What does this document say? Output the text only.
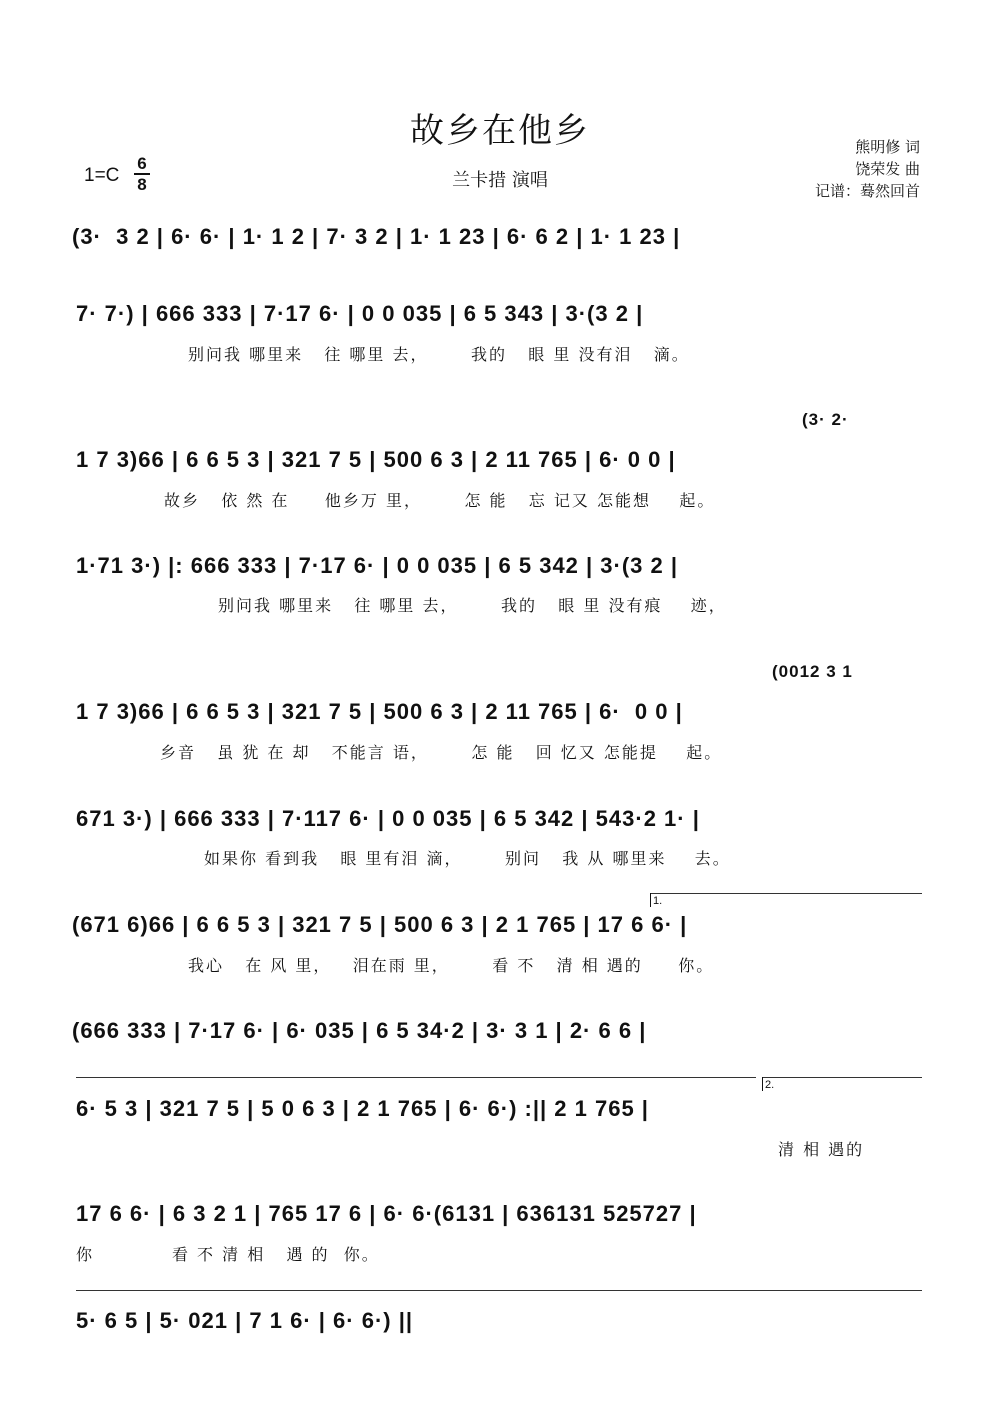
故乡在他乡
兰卡措 演唱
熊明修 词
饶荣发 曲
记谱：蓦然回首
1=C
6
8
(3·  3 2 | 6· 6· | 1· 1 2 | 7· 3 2 | 1· 1 23 | 6· 6 2 | 1· 1 23 |
7· 7·) | 666 333 | 7·17 6· | 0 0 035 | 6 5 343 | 3·(3 2 |
别问我 哪里来   往 哪里 去，      我的   眼 里 没有泪   滴。
(3· 2·
1 7 3)66 | 6 6 5 3 | 321 7 5 | 500 6 3 | 2 11 765 | 6· 0 0 |
故乡   依 然 在     他乡万 里，      怎 能   忘 记又 怎能想    起。
1·71 3·) |: 666 333 | 7·17 6· | 0 0 035 | 6 5 342 | 3·(3 2 |
别问我 哪里来   往 哪里 去，      我的   眼 里 没有痕    迹，
(0012 3 1
1 7 3)66 | 6 6 5 3 | 321 7 5 | 500 6 3 | 2 11 765 | 6·  0 0 |
乡音   虽 犹 在 却   不能言 语，      怎 能   回 忆又 怎能提    起。
671 3·) | 666 333 | 7·117 6· | 0 0 035 | 6 5 342 | 543·2 1· |
如果你 看到我   眼 里有泪 滴，      别问   我 从 哪里来    去。
1.
(671 6)66 | 6 6 5 3 | 321 7 5 | 500 6 3 | 2 1 765 | 17 6 6· |
我心   在 风 里，   泪在雨 里，      看 不   清 相 遇的     你。
(666 333 | 7·17 6· | 6· 035 | 6 5 34·2 | 3· 3 1 | 2· 6 6 |
2.
6· 5 3 | 321 7 5 | 5 0 6 3 | 2 1 765 | 6· 6·) :|| 2 1 765 |
清 相 遇的
17 6 6· | 6 3 2 1 | 765 17 6 | 6· 6·(6131 | 636131 525727 |
你           看 不 清 相   遇 的  你。
5· 6 5 | 5· 021 | 7 1 6· | 6· 6·) ||
